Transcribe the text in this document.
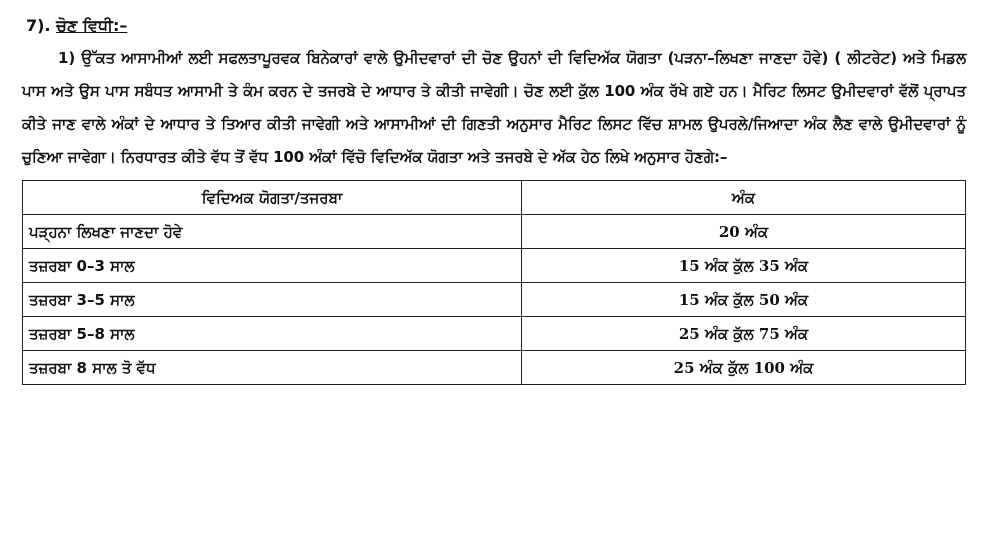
7). ਚੋਣ ਵਿਧੀ:–

1) ਉੱਕਤ ਆਸਾਮੀਆਂ ਲਈ ਸਫਲਤਾਪੂਰਵਕ ਬਿਨੇਕਾਰਾਂ ਵਾਲੇ ਉਮੀਦਵਾਰਾਂ ਦੀ ਚੋਣ ਉਹਨਾਂ ਦੀ ਵਿਦਿਅੱਕ ਯੋਗਤਾ (ਪੜਨਾ–ਲਿਖਣਾ ਜਾਣਦਾ ਹੋਵੇ) ( ਲੀਟਰੇਟ) ਅਤੇ ਮਿਡਲ ਪਾਸ ਅਤੇ ਉਸ ਪਾਸ ਸਬੰਧਤ ਆਸਾਮੀ ਤੇ ਕੰਮ ਕਰਨ ਦੇ ਤਜਰਬੇ ਦੇ ਆਧਾਰ ਤੇ ਕੀਤੀ ਜਾਵੇਗੀ। ਚੋਣ ਲਈ ਕੁੱਲ 100 ਅੰਕ ਰੱਖੇ ਗਏ ਹਨ। ਮੈਰਿਟ ਲਿਸਟ ਉਮੀਦਵਾਰਾਂ ਵੱਲੋਂ ਪ੍ਰਾਪਤ ਕੀਤੇ ਜਾਣ ਵਾਲੇ ਅੰਕਾਂ ਦੇ ਆਧਾਰ ਤੇ ਤਿਆਰ ਕੀਤੀ ਜਾਵੇਗੀ ਅਤੇ ਆਸਾਮੀਆਂ ਦੀ ਗਿਣਤੀ ਅਨੁਸਾਰ ਮੈਰਿਟ ਲਿਸਟ ਵਿੱਚ ਸ਼ਾਮਲ ਉਪਰਲੇ/ਜਿਆਦਾ ਅੰਕ ਲੈਣ ਵਾਲੇ ਉਮੀਦਵਾਰਾਂ ਨੂੰ ਚੁਣਿਆ ਜਾਵੇਗਾ। ਨਿਰਧਾਰਤ ਕੀਤੇ ਵੱਧ ਤੋਂ ਵੱਧ 100 ਅੰਕਾਂ ਵਿੱਚੋ ਵਿਦਿਅੱਕ ਯੋਗਤਾ ਅਤੇ ਤਜਰਬੇ ਦੇ ਅੱਕ ਹੇਠ ਲਿਖੇ ਅਨੁਸਾਰ ਹੋਣਗੇ:–

ਵਿਦਿਅਕ ਯੋਗਤਾ/ਤਜਰਬਾ	ਅੰਕ
ਪੜ੍ਹਨਾ ਲਿਖਣਾ ਜਾਣਦਾ ਹੋਵੇ	20 ਅੰਕ
ਤਜ਼ਰਬਾ 0–3 ਸਾਲ	15 ਅੰਕ ਕੁੱਲ 35 ਅੰਕ
ਤਜ਼ਰਬਾ 3–5 ਸਾਲ	15 ਅੰਕ ਕੁੱਲ 50 ਅੰਕ
ਤਜ਼ਰਬਾ 5–8 ਸਾਲ	25 ਅੰਕ ਕੁੱਲ 75 ਅੰਕ
ਤਜ਼ਰਬਾ 8 ਸਾਲ ਤੋ ਵੱਧ	25 ਅੰਕ ਕੁੱਲ 100 ਅੰਕ
